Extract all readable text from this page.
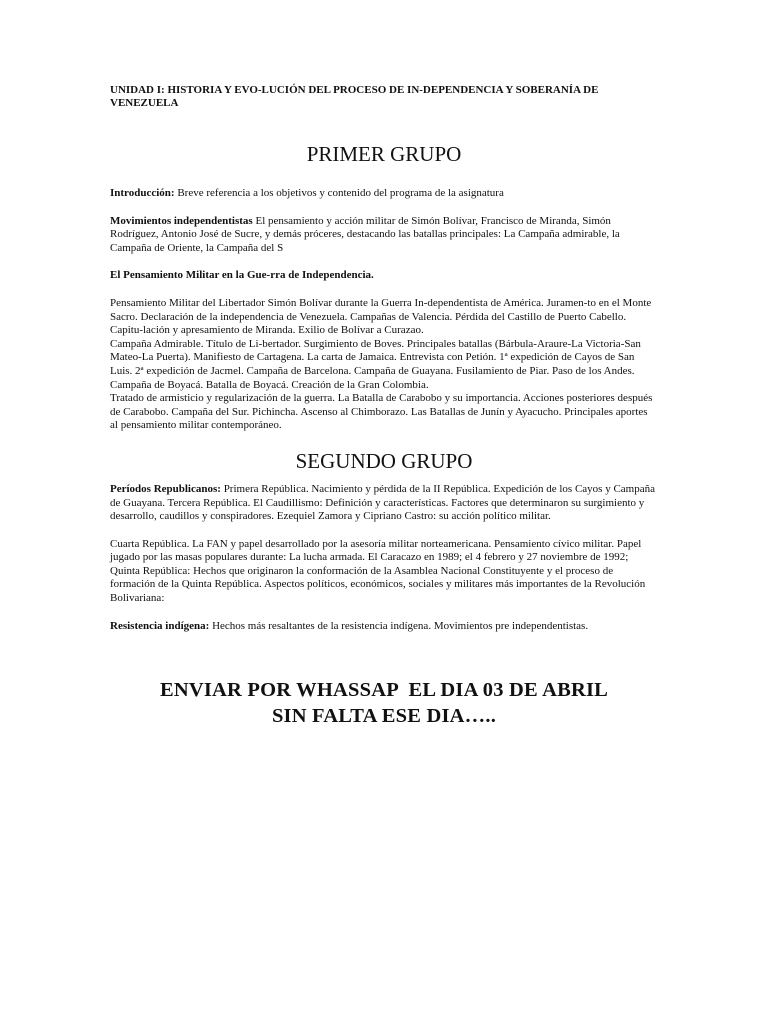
UNIDAD I: HISTORIA Y EVO-LUCIÓN DEL PROCESO DE IN-DEPENDENCIA Y SOBERANÍA DE VENEZUELA

PRIMER GRUPO

Introducción: Breve referencia a los objetivos y contenido del programa de la asignatura

Movimientos independentistas El pensamiento y acción militar de Simón Bolívar, Francisco de Miranda, Simón Rodríguez, Antonio José de Sucre, y demás próceres, destacando las batallas principales: La Campaña admirable, la Campaña de Oriente, la Campaña del S

El Pensamiento Militar en la Gue-rra de Independencia.

Pensamiento Militar del Libertador Simón Bolívar durante la Guerra In-dependentista de América. Juramen-to en el Monte Sacro. Declaración de la independencia de Venezuela. Campañas de Valencia. Pérdida del Castillo de Puerto Cabello. Capitu-lación y apresamiento de Miranda. Exilio de Bolívar a Curazao.

Campaña Admirable. Título de Li-bertador. Surgimiento de Boves. Principales batallas (Bárbula-Araure-La Victoria-San Mateo-La Puerta). Manifiesto de Cartagena. La carta de Jamaica. Entrevista con Petión. 1ª expedición de Cayos de San Luis. 2ª expedición de Jacmel. Campaña de Barcelona. Campaña de Guayana. Fusilamiento de Piar. Paso de los Andes. Campaña de Boyacá. Batalla de Boyacá. Creación de la Gran Colombia.

Tratado de armisticio y regularización de la guerra. La Batalla de Carabobo y su importancia. Acciones posteriores después de Carabobo. Campaña del Sur. Pichincha. Ascenso al Chimborazo. Las Batallas de Junín y Ayacucho. Principales aportes al pensamiento militar contemporáneo.

SEGUNDO GRUPO

Períodos Republicanos: Primera República. Nacimiento y pérdida de la II República. Expedición de los Cayos y Campaña de Guayana. Tercera República. El Caudillismo: Definición y características. Factores que determinaron su surgimiento y desarrollo, caudillos y conspiradores. Ezequiel Zamora y Cipriano Castro: su acción político militar.

Cuarta República. La FAN y papel desarrollado por la asesoría militar norteamericana. Pensamiento cívico militar. Papel jugado por las masas populares durante: La lucha armada. El Caracazo en 1989; el 4 febrero y 27 noviembre de 1992;

Quinta República: Hechos que originaron la conformación de la Asamblea Nacional Constituyente y el proceso de formación de la Quinta República. Aspectos políticos, económicos, sociales y militares más importantes de la Revolución Bolivariana:

Resistencia indígena: Hechos más resaltantes de la resistencia indígena. Movimientos pre independentistas.

ENVIAR POR WHASSAP  EL DIA 03 DE ABRIL
SIN FALTA ESE DIA…..
